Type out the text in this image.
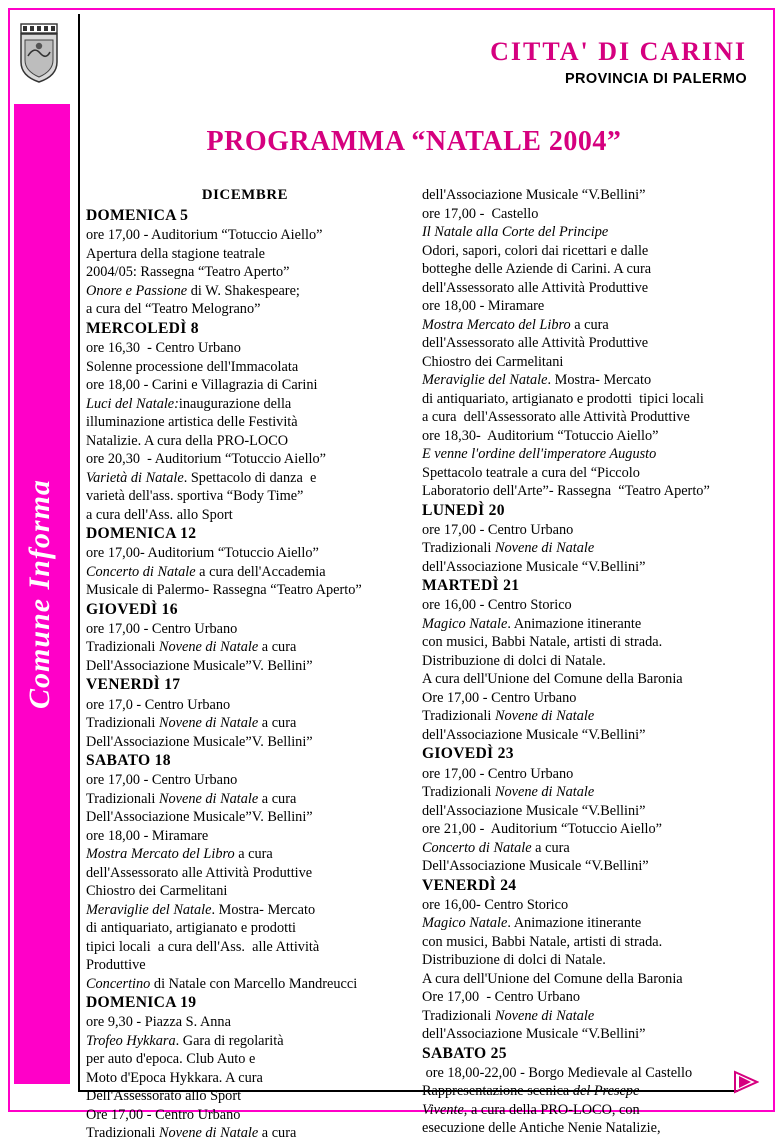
Comune Informa
CITTA' DI CARINI
PROVINCIA DI PALERMO
PROGRAMMA “NATALE 2004”
DICEMBRE
DOMENICA 5
ore 17,00 - Auditorium “Totuccio Aiello”
Apertura della stagione teatrale
2004/05: Rassegna “Teatro Aperto”
Onore e Passione di W. Shakespeare;
a cura del “Teatro Melograno”
MERCOLEDÌ 8
ore 16,30  - Centro Urbano
Solenne processione dell'Immacolata
ore 18,00 - Carini e Villagrazia di Carini
Luci del Natale:inaugurazione della
illuminazione artistica delle Festività
Natalizie. A cura della PRO-LOCO
ore 20,30  - Auditorium “Totuccio Aiello”
Varietà di Natale. Spettacolo di danza  e
varietà dell'ass. sportiva “Body Time”
a cura dell'Ass. allo Sport
DOMENICA 12
ore 17,00- Auditorium “Totuccio Aiello”
Concerto di Natale a cura dell'Accademia
Musicale di Palermo- Rassegna “Teatro Aperto”
GIOVEDÌ 16
ore 17,00 - Centro Urbano
Tradizionali Novene di Natale a cura
Dell'Associazione Musicale”V. Bellini”
VENERDÌ 17
ore 17,0 - Centro Urbano
Tradizionali Novene di Natale a cura
Dell'Associazione Musicale”V. Bellini”
SABATO 18
ore 17,00 - Centro Urbano
Tradizionali Novene di Natale a cura
Dell'Associazione Musicale”V. Bellini”
ore 18,00 - Miramare
Mostra Mercato del Libro a cura
dell'Assessorato alle Attività Produttive
Chiostro dei Carmelitani
Meraviglie del Natale. Mostra- Mercato
di antiquariato, artigianato e prodotti
tipici locali  a cura dell'Ass.  alle Attività
Produttive
Concertino di Natale con Marcello Mandreucci
DOMENICA 19
ore 9,30 - Piazza S. Anna
Trofeo Hykkara. Gara di regolarità
per auto d'epoca. Club Auto e
Moto d'Epoca Hykkara. A cura
Dell'Assessorato allo Sport
Ore 17,00 - Centro Urbano
Tradizionali Novene di Natale a cura
dell'Associazione Musicale “V.Bellini”
ore 17,00 -  Castello
Il Natale alla Corte del Principe
Odori, sapori, colori dai ricettari e dalle
botteghe delle Aziende di Carini. A cura
dell'Assessorato alle Attività Produttive
ore 18,00 - Miramare
Mostra Mercato del Libro a cura
dell'Assessorato alle Attività Produttive
Chiostro dei Carmelitani
Meraviglie del Natale. Mostra- Mercato
di antiquariato, artigianato e prodotti  tipici locali
a cura  dell'Assessorato alle Attività Produttive
ore 18,30-  Auditorium “Totuccio Aiello”
E venne l'ordine dell'imperatore Augusto
Spettacolo teatrale a cura del “Piccolo
Laboratorio dell'Arte”- Rassegna  “Teatro Aperto”
LUNEDÌ 20
ore 17,00 - Centro Urbano
Tradizionali Novene di Natale
dell'Associazione Musicale “V.Bellini”
MARTEDÌ 21
ore 16,00 - Centro Storico
Magico Natale. Animazione itinerante
con musici, Babbi Natale, artisti di strada.
Distribuzione di dolci di Natale.
A cura dell'Unione del Comune della Baronia
Ore 17,00 - Centro Urbano
Tradizionali Novene di Natale
dell'Associazione Musicale “V.Bellini”
GIOVEDÌ 23
ore 17,00 - Centro Urbano
Tradizionali Novene di Natale
dell'Associazione Musicale “V.Bellini”
ore 21,00 -  Auditorium “Totuccio Aiello”
Concerto di Natale a cura
Dell'Associazione Musicale “V.Bellini”
VENERDÌ 24
ore 16,00- Centro Storico
Magico Natale. Animazione itinerante
con musici, Babbi Natale, artisti di strada.
Distribuzione di dolci di Natale.
A cura dell'Unione del Comune della Baronia
Ore 17,00  - Centro Urbano
Tradizionali Novene di Natale
dell'Associazione Musicale “V.Bellini”
SABATO 25
ore 18,00-22,00 - Borgo Medievale al Castello
Rappresentazione scenica del Presepe
Vivente, a cura della PRO-LOCO, con
esecuzione delle Antiche Nenie Natalizie,
